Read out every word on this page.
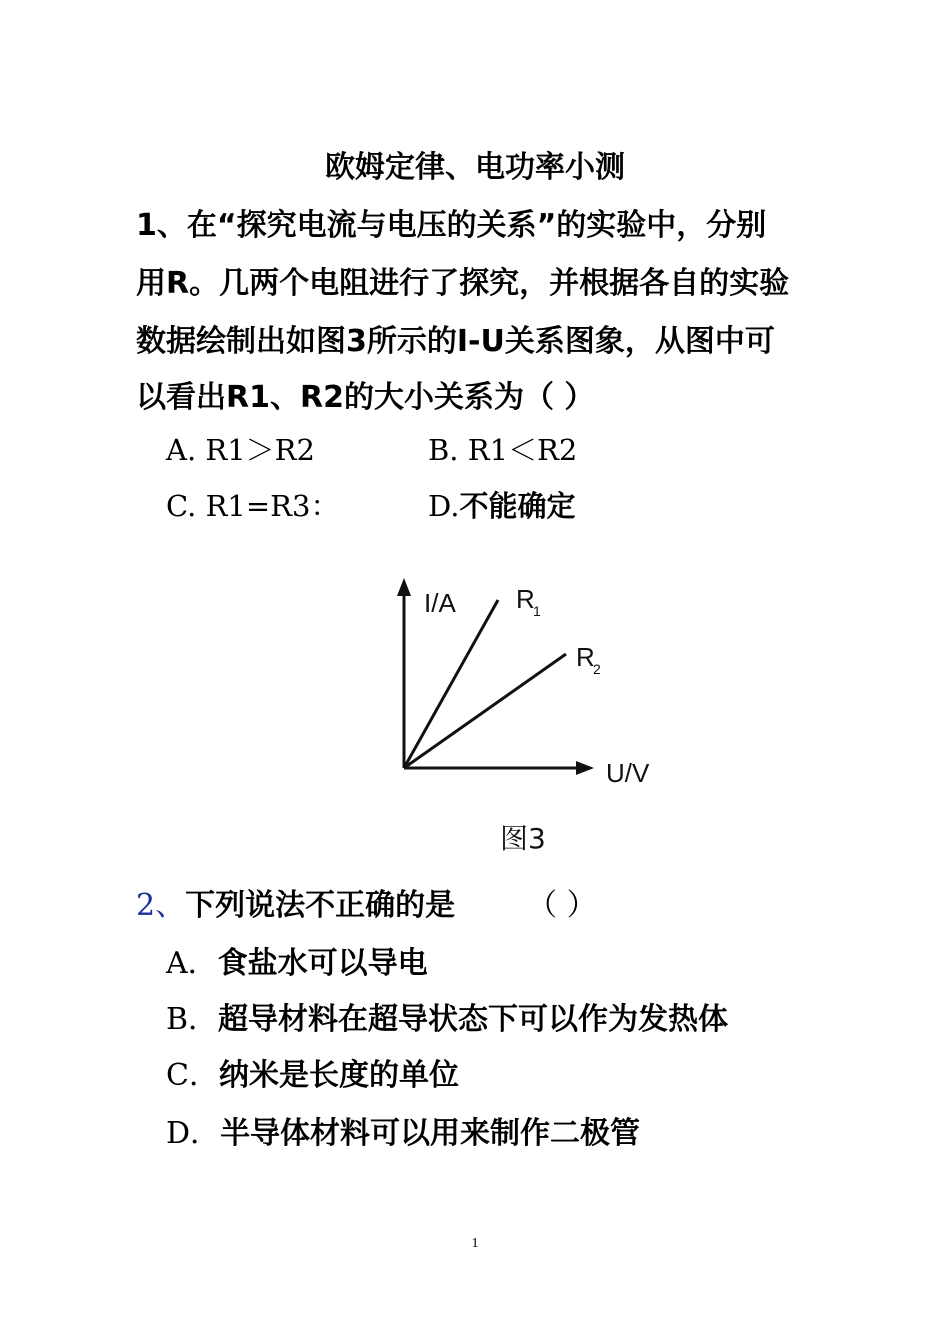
欧姆定律、电功率小测
1、在“探究电流与电压的关系”的实验中，分别
用R。几两个电阻进行了探究，并根据各自的实验
数据绘制出如图3所示的I-U关系图象，从图中可
以看出R1、R2的大小关系为（ ）
A. R1＞R2	B. R1＜R2
C. R1=R3：	D.不能确定
I/A
U/V
R
1
R
2
图3
2、下列说法不正确的是 （ ）
A．食盐水可以导电
B．超导材料在超导状态下可以作为发热体
C．纳米是长度的单位
D．半导体材料可以用来制作二极管
1
